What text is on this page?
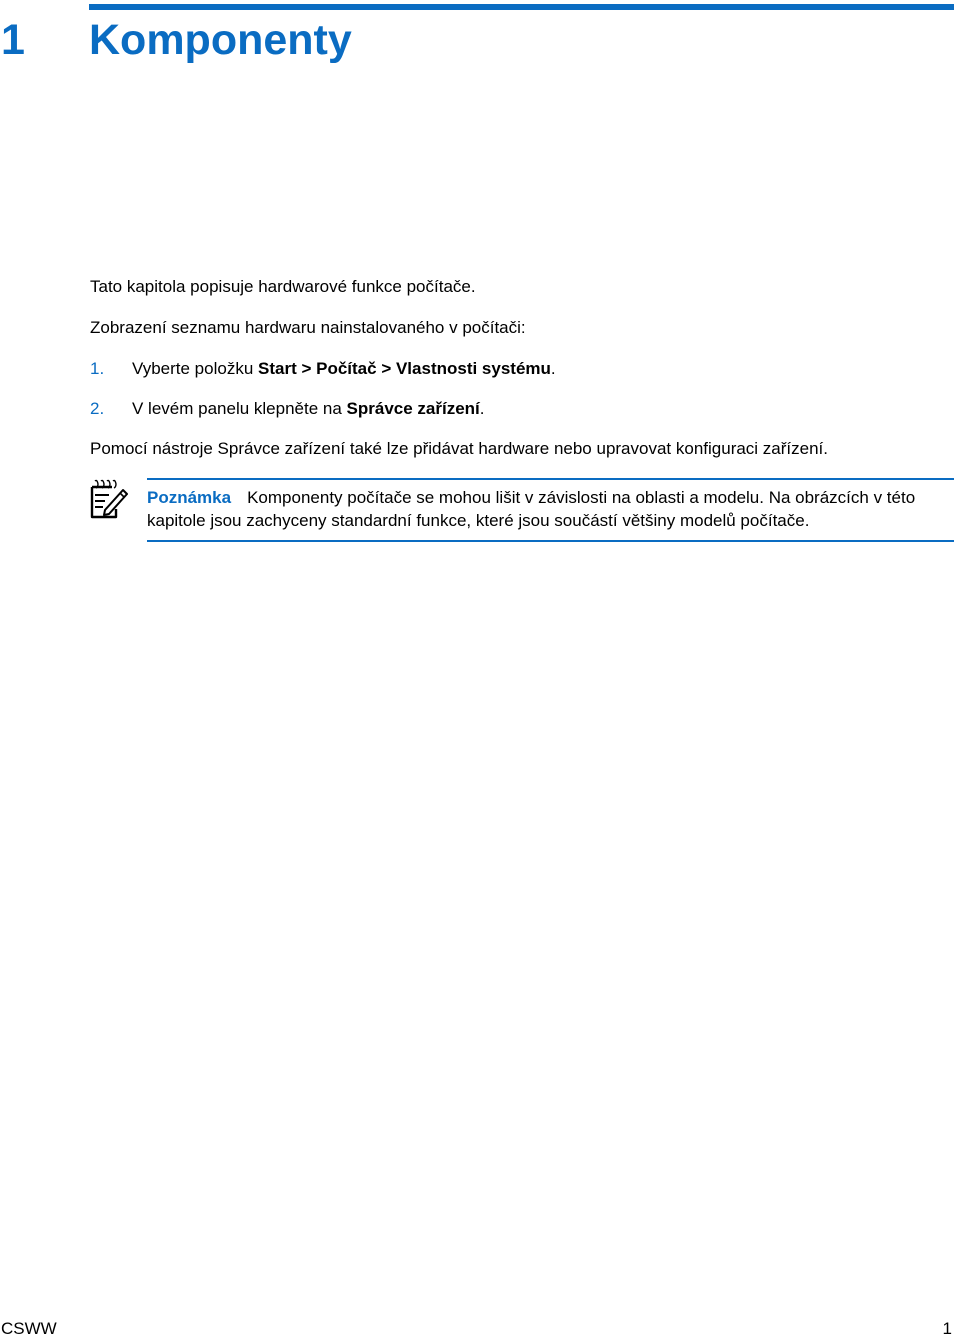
1 Komponenty

Tato kapitola popisuje hardwarové funkce počítače.

Zobrazení seznamu hardwaru nainstalovaného v počítači:

1. Vyberte položku Start > Počítač > Vlastnosti systému.
2. V levém panelu klepněte na Správce zařízení.

Pomocí nástroje Správce zařízení také lze přidávat hardware nebo upravovat konfiguraci zařízení.

Poznámka Komponenty počítače se mohou lišit v závislosti na oblasti a modelu. Na obrázcích v této kapitole jsou zachyceny standardní funkce, které jsou součástí většiny modelů počítače.
CSWW	1
